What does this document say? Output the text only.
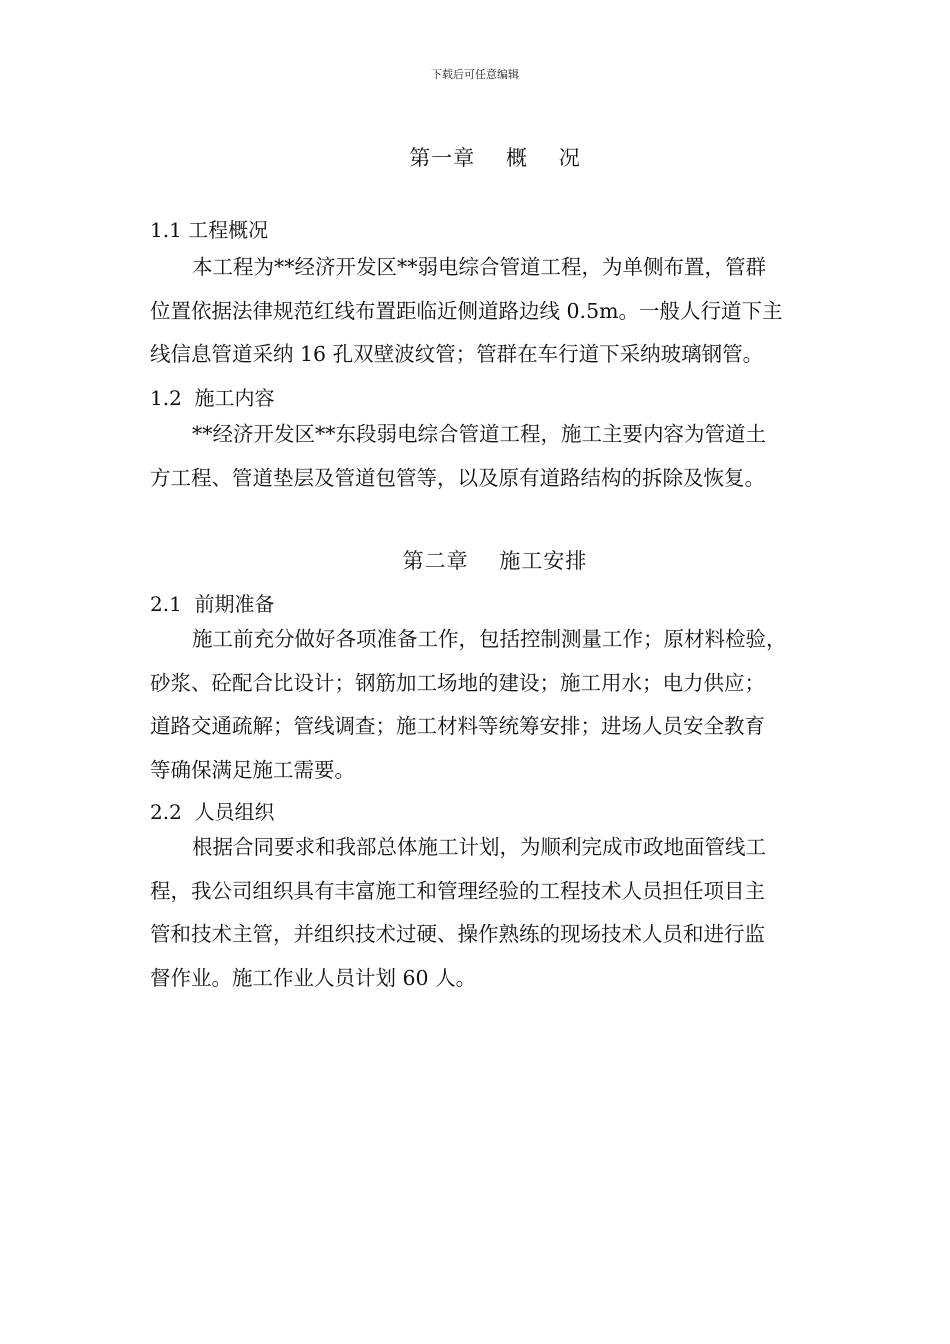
下载后可任意编辑
第一章    概    况
1.1 工程概况
本工程为**经济开发区**弱电综合管道工程，为单侧布置，管群
位置依据法律规范红线布置距临近侧道路边线 0.5m。一般人行道下主
线信息管道采纳 16 孔双壁波纹管；管群在车行道下采纳玻璃钢管。
1.2  施工内容
**经济开发区**东段弱电综合管道工程，施工主要内容为管道土
方工程、管道垫层及管道包管等，以及原有道路结构的拆除及恢复。
第二章    施工安排
2.1  前期准备
施工前充分做好各项准备工作，包括控制测量工作；原材料检验，
砂浆、砼配合比设计；钢筋加工场地的建设；施工用水；电力供应；
道路交通疏解；管线调查；施工材料等统筹安排；进场人员安全教育
等确保满足施工需要。
2.2  人员组织
根据合同要求和我部总体施工计划，为顺利完成市政地面管线工
程，我公司组织具有丰富施工和管理经验的工程技术人员担任项目主
管和技术主管，并组织技术过硬、操作熟练的现场技术人员和进行监
督作业。施工作业人员计划 60 人。
